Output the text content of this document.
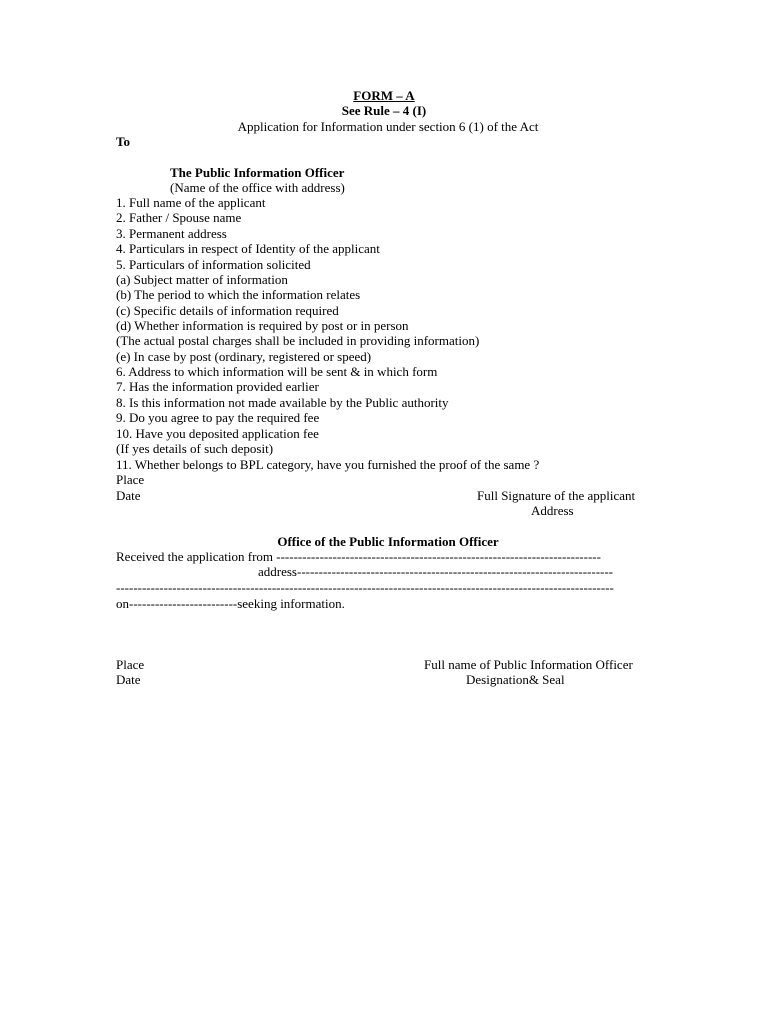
FORM – A
See Rule – 4 (I)
Application for Information under section 6 (1) of the Act
To
The Public Information Officer
(Name of the office with address)
1. Full name of the applicant
2. Father / Spouse name
3. Permanent address
4. Particulars in respect of Identity of the applicant
5. Particulars of information solicited
(a) Subject matter of information
(b) The period to which the information relates
(c) Specific details of information required
(d) Whether information is required by post or in person
(The actual postal charges shall be included in providing information)
(e) In case by post (ordinary, registered or speed)
6. Address to which information will be sent & in which form
7. Has the information provided earlier
8. Is this information not made available by the Public authority
9. Do you agree to pay the required fee
10. Have you deposited application fee
(If yes details of such deposit)
11. Whether belongs to BPL category, have you furnished the proof of the same ?
Place
Date	Full Signature of the applicant
Address
Office of the Public Information Officer
Received the application from ---------------------------------------------------------------------------
address-------------------------------------------------------------------------
-------------------------------------------------------------------------------------------------------------------
on-------------------------seeking information.
Place
Date
Full name of Public Information Officer
Designation& Seal
